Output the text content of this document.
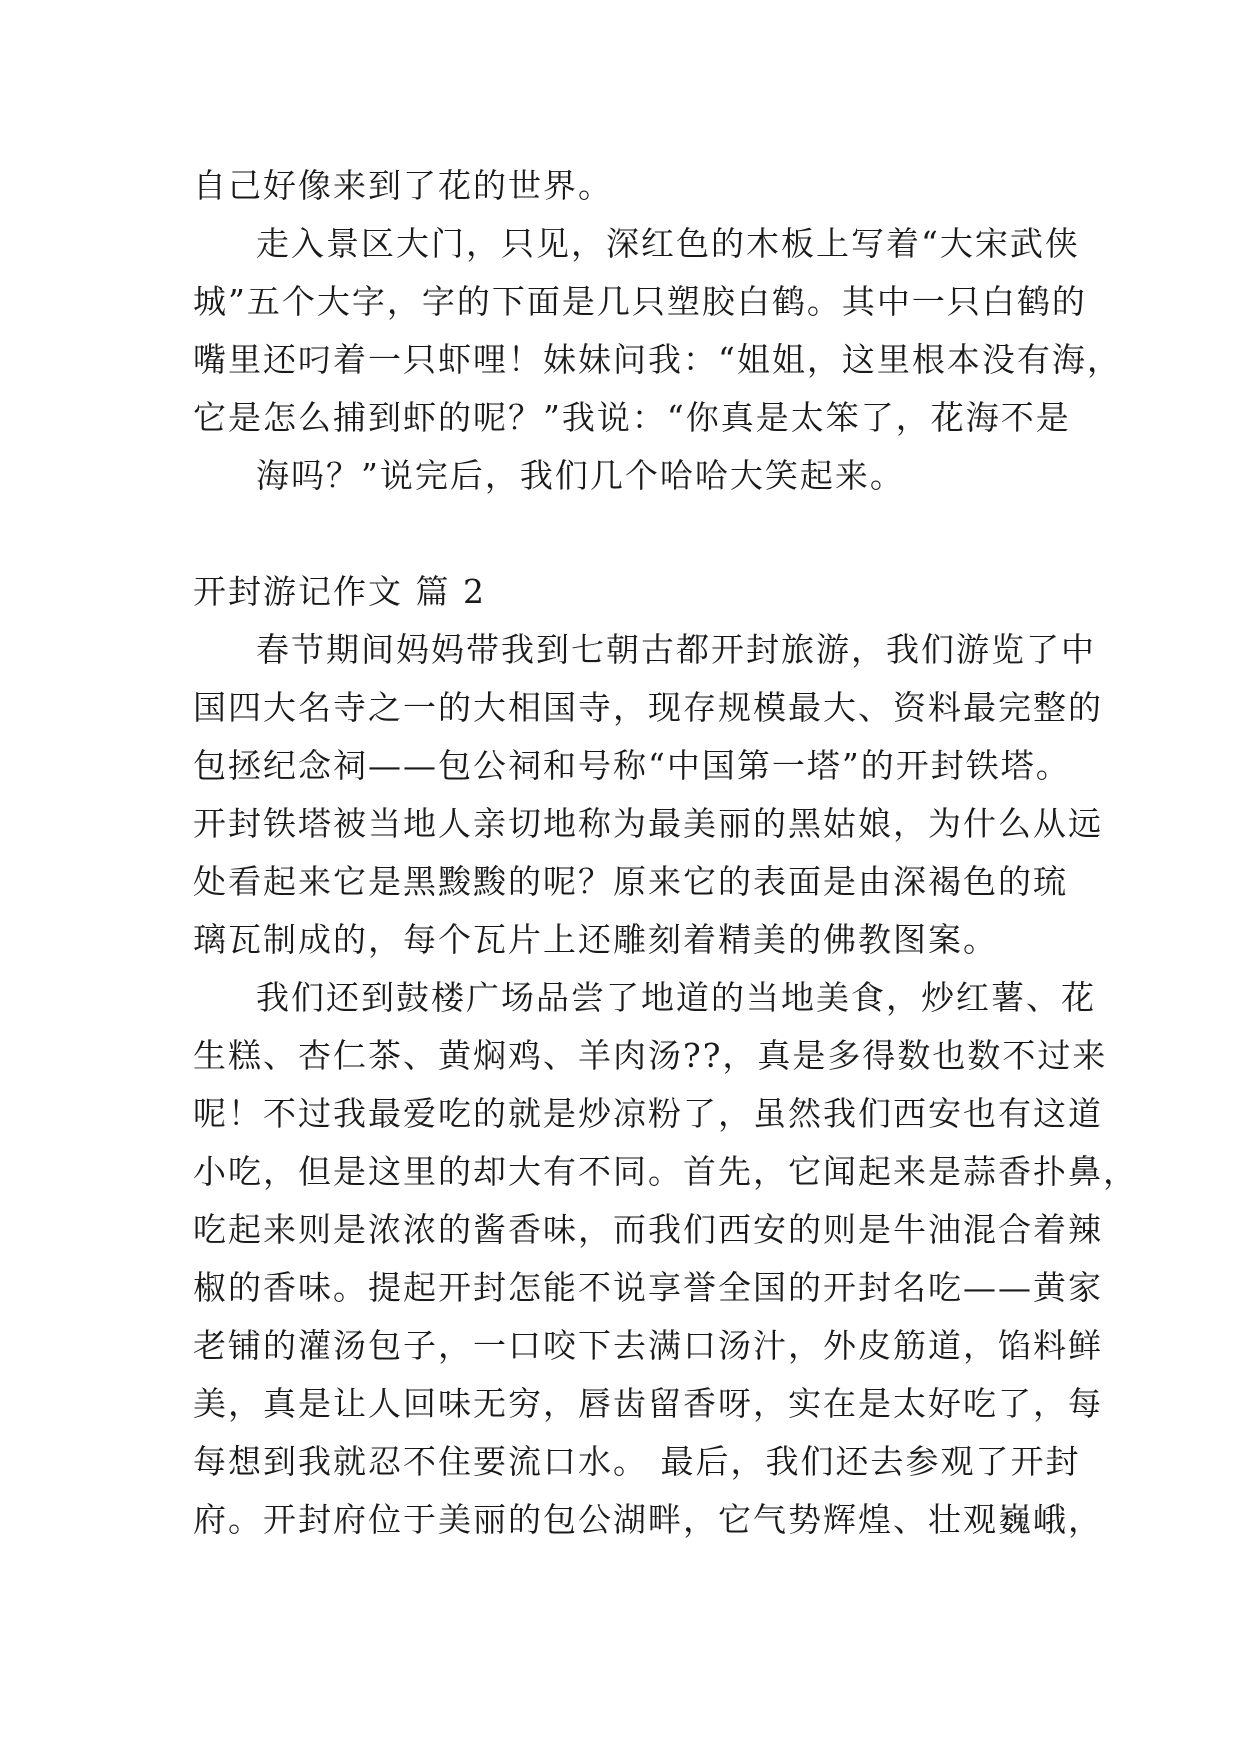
自己好像来到了花的世界。

走入景区大门，只见，深红色的木板上写着“大宋武侠

城”五个大字，字的下面是几只塑胶白鹤。其中一只白鹤的

嘴里还叼着一只虾哩！妹妹问我：“姐姐，这里根本没有海，

它是怎么捕到虾的呢？”我说：“你真是太笨了，花海不是

海吗？”说完后，我们几个哈哈大笑起来。

开封游记作文 篇 2

春节期间妈妈带我到七朝古都开封旅游，我们游览了中

国四大名寺之一的大相国寺，现存规模最大、资料最完整的

包拯纪念祠——包公祠和号称“中国第一塔”的开封铁塔。

开封铁塔被当地人亲切地称为最美丽的黑姑娘，为什么从远

处看起来它是黑黢黢的呢？原来它的表面是由深褐色的琉

璃瓦制成的，每个瓦片上还雕刻着精美的佛教图案。

我们还到鼓楼广场品尝了地道的当地美食，炒红薯、花

生糕、杏仁茶、黄焖鸡、羊肉汤??，真是多得数也数不过来

呢！不过我最爱吃的就是炒凉粉了，虽然我们西安也有这道

小吃，但是这里的却大有不同。首先，它闻起来是蒜香扑鼻，

吃起来则是浓浓的酱香味，而我们西安的则是牛油混合着辣

椒的香味。提起开封怎能不说享誉全国的开封名吃——黄家

老铺的灌汤包子，一口咬下去满口汤汁，外皮筋道，馅料鲜

美，真是让人回味无穷，唇齿留香呀，实在是太好吃了，每

每想到我就忍不住要流口水。 最后，我们还去参观了开封

府。开封府位于美丽的包公湖畔，它气势辉煌、壮观巍峨，
